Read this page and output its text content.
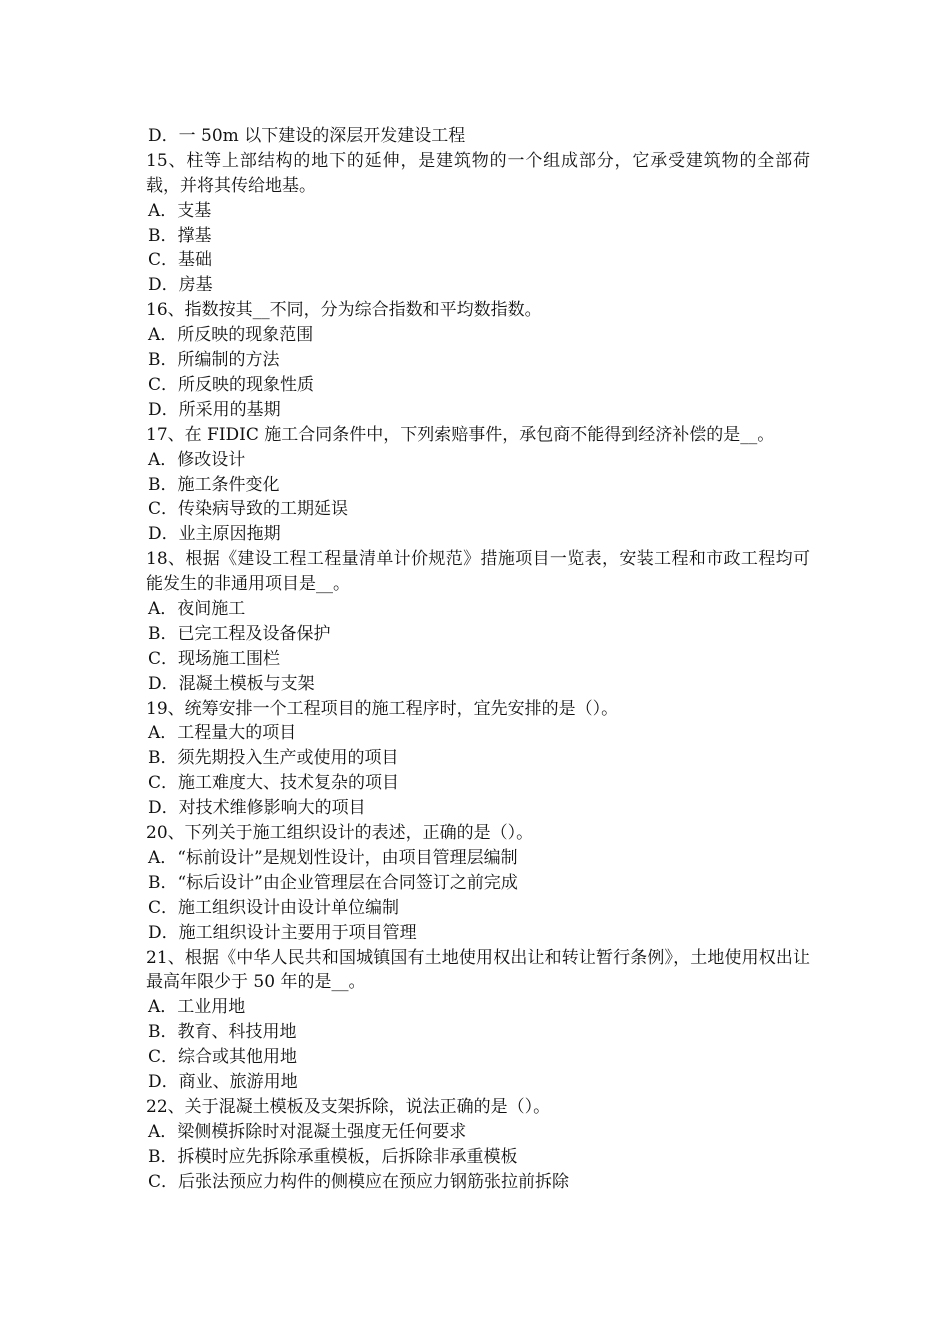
D．一 50m 以下建设的深层开发建设工程
15、柱等上部结构的地下的延伸，是建筑物的一个组成部分，它承受建筑物的全部荷载，并将其传给地基。
A．支基
B．撑基
C．基础
D．房基
16、指数按其__不同，分为综合指数和平均数指数。
A．所反映的现象范围
B．所编制的方法
C．所反映的现象性质
D．所采用的基期
17、在 FIDIC 施工合同条件中，下列索赔事件，承包商不能得到经济补偿的是__。
A．修改设计
B．施工条件变化
C．传染病导致的工期延误
D．业主原因拖期
18、根据《建设工程工程量清单计价规范》措施项目一览表，安装工程和市政工程均可能发生的非通用项目是__。
A．夜间施工
B．已完工程及设备保护
C．现场施工围栏
D．混凝土模板与支架
19、统筹安排一个工程项目的施工程序时，宜先安排的是（）。
A．工程量大的项目
B．须先期投入生产或使用的项目
C．施工难度大、技术复杂的项目
D．对技术维修影响大的项目
20、下列关于施工组织设计的表述，正确的是（）。
A．“标前设计”是规划性设计，由项目管理层编制
B．“标后设计”由企业管理层在合同签订之前完成
C．施工组织设计由设计单位编制
D．施工组织设计主要用于项目管理
21、根据《中华人民共和国城镇国有土地使用权出让和转让暂行条例》，土地使用权出让最高年限少于 50 年的是__。
A．工业用地
B．教育、科技用地
C．综合或其他用地
D．商业、旅游用地
22、关于混凝土模板及支架拆除，说法正确的是（）。
A．梁侧模拆除时对混凝土强度无任何要求
B．拆模时应先拆除承重模板，后拆除非承重模板
C．后张法预应力构件的侧模应在预应力钢筋张拉前拆除
